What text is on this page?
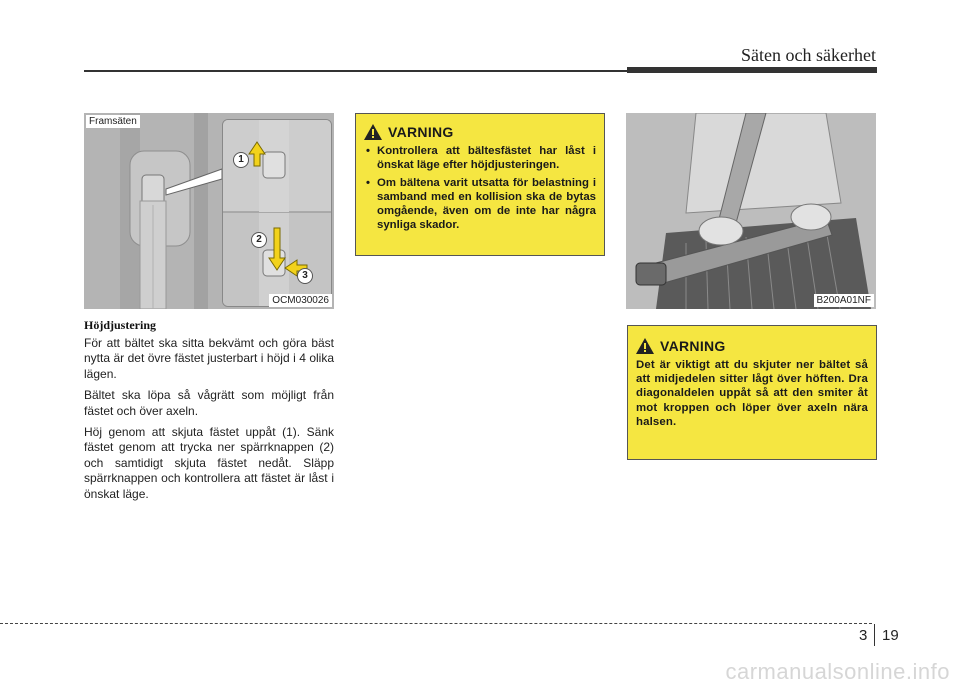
Säten och säkerhet
1
2
3
Framsäten
OCM030026	B200A01NF

Höjdjustering

För att bältet ska sitta bekvämt och göra bäst nytta är det övre fästet justerbart i höjd i 4 olika lägen.

Bältet ska löpa så vågrätt som möjligt från fästet och över axeln.

Höj genom att skjuta fästet uppåt (1). Sänk fästet genom att trycka ner spärrknappen (2) och samtidigt skjuta fästet nedåt. Släpp spärrknappen och kontrollera att fästet är låst i önskat läge.

VARNING
• Kontrollera att bältesfästet har låst i önskat läge efter höjdjusteringen.
• Om bältena varit utsatta för belastning i samband med en kollision ska de bytas omgående, även om de inte har några synliga skador.
VARNING

Det är viktigt att du skjuter ner bältet så att midjedelen sitter lågt över höften. Dra diagonaldelen uppåt så att den smiter åt mot kroppen och löper över axeln nära halsen.

3 19
carmanualsonline.info
